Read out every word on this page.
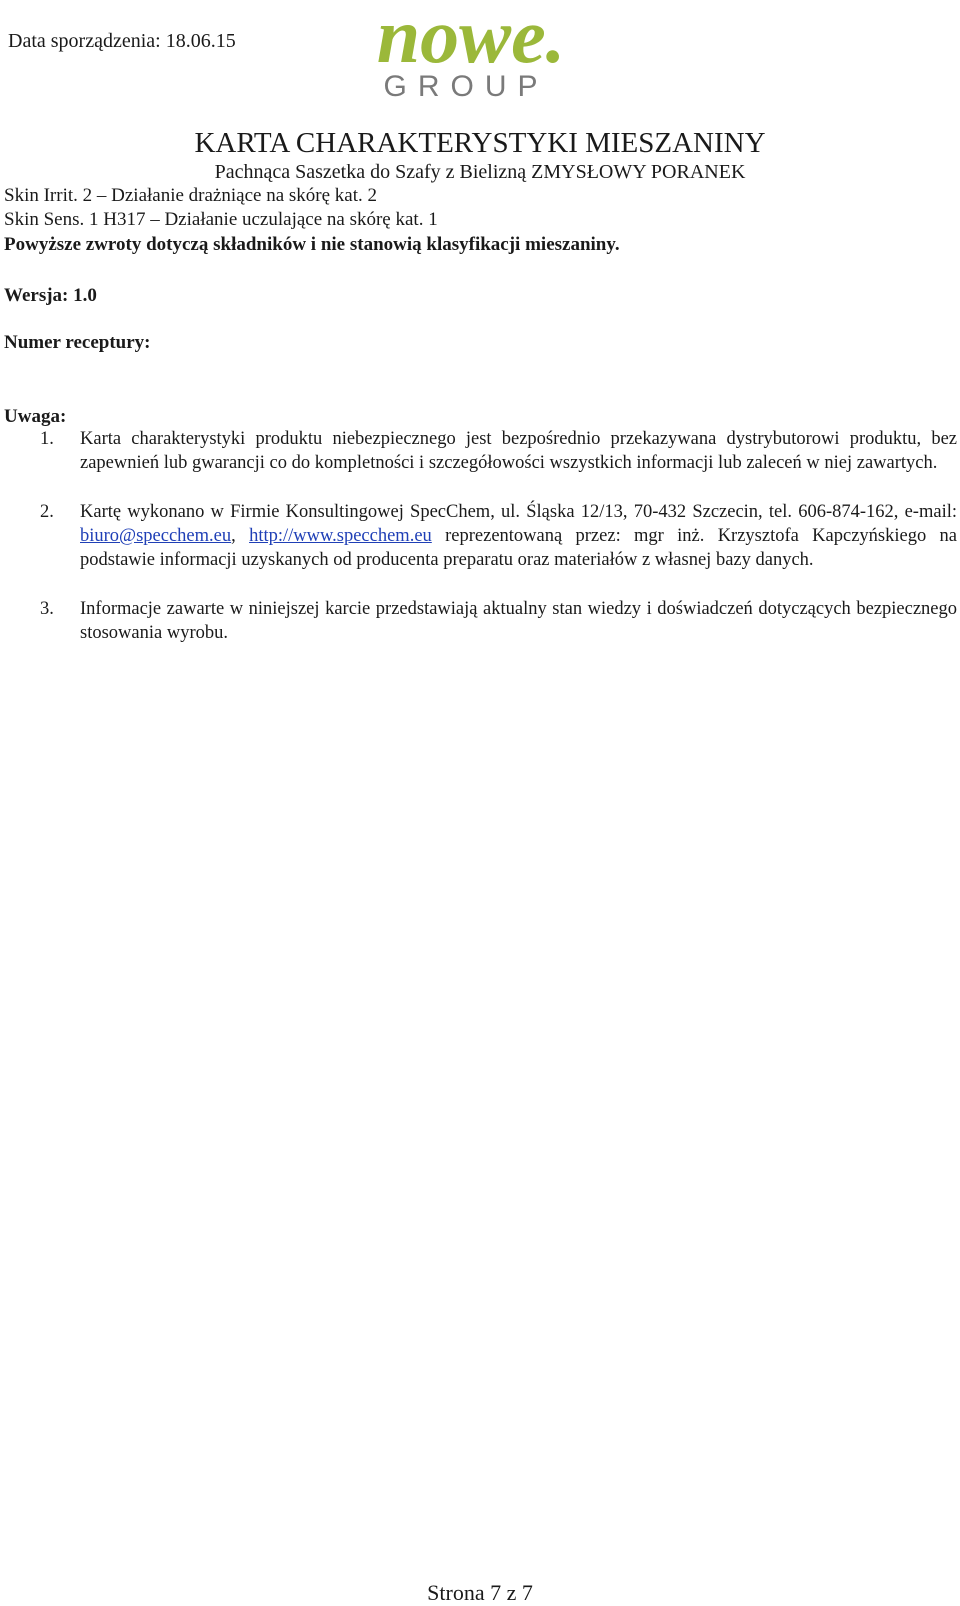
Data sporządzenia: 18.06.15 nowe.
GROUP
KARTA CHARAKTERYSTYKI MIESZANINY
Pachnąca Saszetka do Szafy z Bielizną ZMYSŁOWY PORANEK
Skin Irrit. 2 – Działanie drażniące na skórę kat. 2
Skin Sens. 1 H317 – Działanie uczulające na skórę kat. 1
Powyższe zwroty dotyczą składników i nie stanowią klasyfikacji mieszaniny.
Wersja: 1.0
Numer receptury:
Uwaga:
1. Karta charakterystyki produktu niebezpiecznego jest bezpośrednio przekazywana dystrybutorowi produktu, bez zapewnień lub gwarancji co do kompletności i szczegółowości wszystkich informacji lub zaleceń w niej zawartych.
2. Kartę wykonano w Firmie Konsultingowej SpecChem, ul. Śląska 12/13, 70-432 Szczecin, tel. 606-874-162, e-mail: biuro@specchem.eu, http://www.specchem.eu reprezentowaną przez: mgr inż. Krzysztofa Kapczyńskiego na podstawie informacji uzyskanych od producenta preparatu oraz materiałów z własnej bazy danych.
3. Informacje zawarte w niniejszej karcie przedstawiają aktualny stan wiedzy i doświadczeń dotyczących bezpiecznego stosowania wyrobu.
Strona 7 z 7
